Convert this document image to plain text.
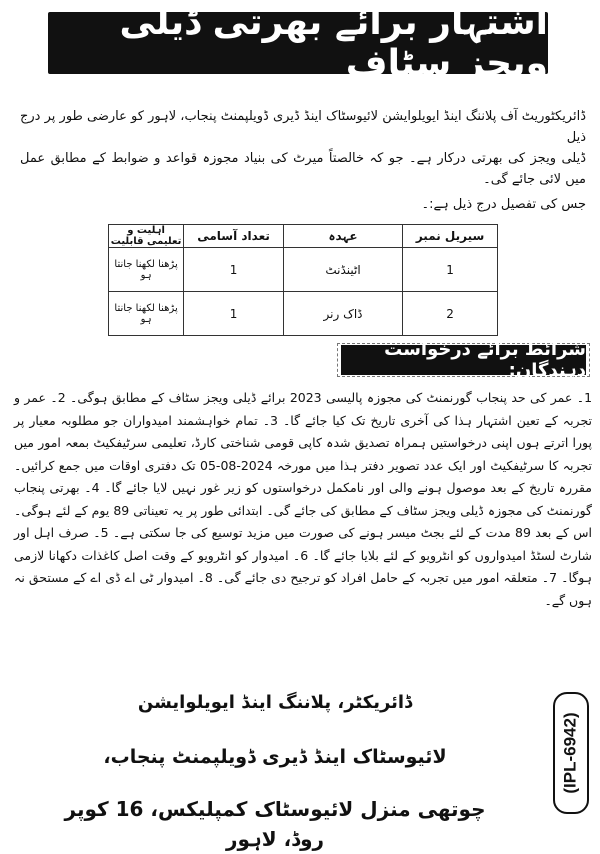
اشتہار برائے بھرتی ڈیلی ویجز سٹاف

ڈائریکٹوریٹ آف پلاننگ اینڈ ایویلوایشن لائیوسٹاک اینڈ ڈیری ڈویلپمنٹ پنجاب، لاہور کو عارضی طور پر درج ذیل

ڈیلی ویجز کی بھرتی درکار ہے۔ جو کہ خالصتاً میرٹ کی بنیاد مجوزہ قواعد و ضوابط کے مطابق عمل میں لائی جائے گی۔

جس کی تفصیل درج ذیل ہے:۔

سیریل نمبر	عہدہ	تعداد آسامی	اہلیت و تعلیمی قابلیت
1	اٹینڈنٹ	1	پڑھنا لکھنا جانتا ہو
2	ڈاک رنر	1	پڑھنا لکھنا جانتا ہو
شرائط برائے درخواست دہندگان:

1۔ عمر کی حد پنجاب گورنمنٹ کی مجوزہ پالیسی 2023 برائے ڈیلی ویجز سٹاف کے مطابق ہوگی۔ 2۔ عمر و تجربہ کے تعین اشتہار ہذا کی آخری تاریخ تک کیا جائے گا۔ 3۔ تمام خواہشمند امیدواران جو مطلوبہ معیار پر پورا اترتے ہوں اپنی درخواستیں ہمراہ تصدیق شدہ کاپی قومی شناختی کارڈ، تعلیمی سرٹیفکیٹ بمعہ امور میں تجربہ کا سرٹیفکیٹ اور ایک عدد تصویر دفتر ہذا میں مورخہ 2024-08-05 تک دفتری اوقات میں جمع کرائیں۔ مقررہ تاریخ کے بعد موصول ہونے والی اور نامکمل درخواستوں کو زیر غور نہیں لایا جائے گا۔ 4۔ بھرتی پنجاب گورنمنٹ کی مجوزہ ڈیلی ویجز سٹاف کے مطابق کی جائے گی۔ ابتدائی طور پر یہ تعیناتی 89 یوم کے لئے ہوگی۔ اس کے بعد 89 مدت کے لئے بجٹ میسر ہونے کی صورت میں مزید توسیع کی جا سکتی ہے۔ 5۔ صرف اہل اور شارٹ لسٹڈ امیدواروں کو انٹرویو کے لئے بلایا جائے گا۔ 6۔ امیدوار کو انٹرویو کے وقت اصل کاغذات دکھانا لازمی ہوگا۔ 7۔ متعلقہ امور میں تجربہ کے حامل افراد کو ترجیح دی جائے گی۔ 8۔ امیدوار ٹی اے ڈی اے کے مستحق نہ ہوں گے۔

ڈائریکٹر، پلاننگ اینڈ ایویلوایشن
لائیوسٹاک اینڈ ڈیری ڈویلپمنٹ پنجاب،
چوتھی منزل لائیوسٹاک کمپلیکس، 16 کوپر روڈ، لاہور
(IPL-6942)
